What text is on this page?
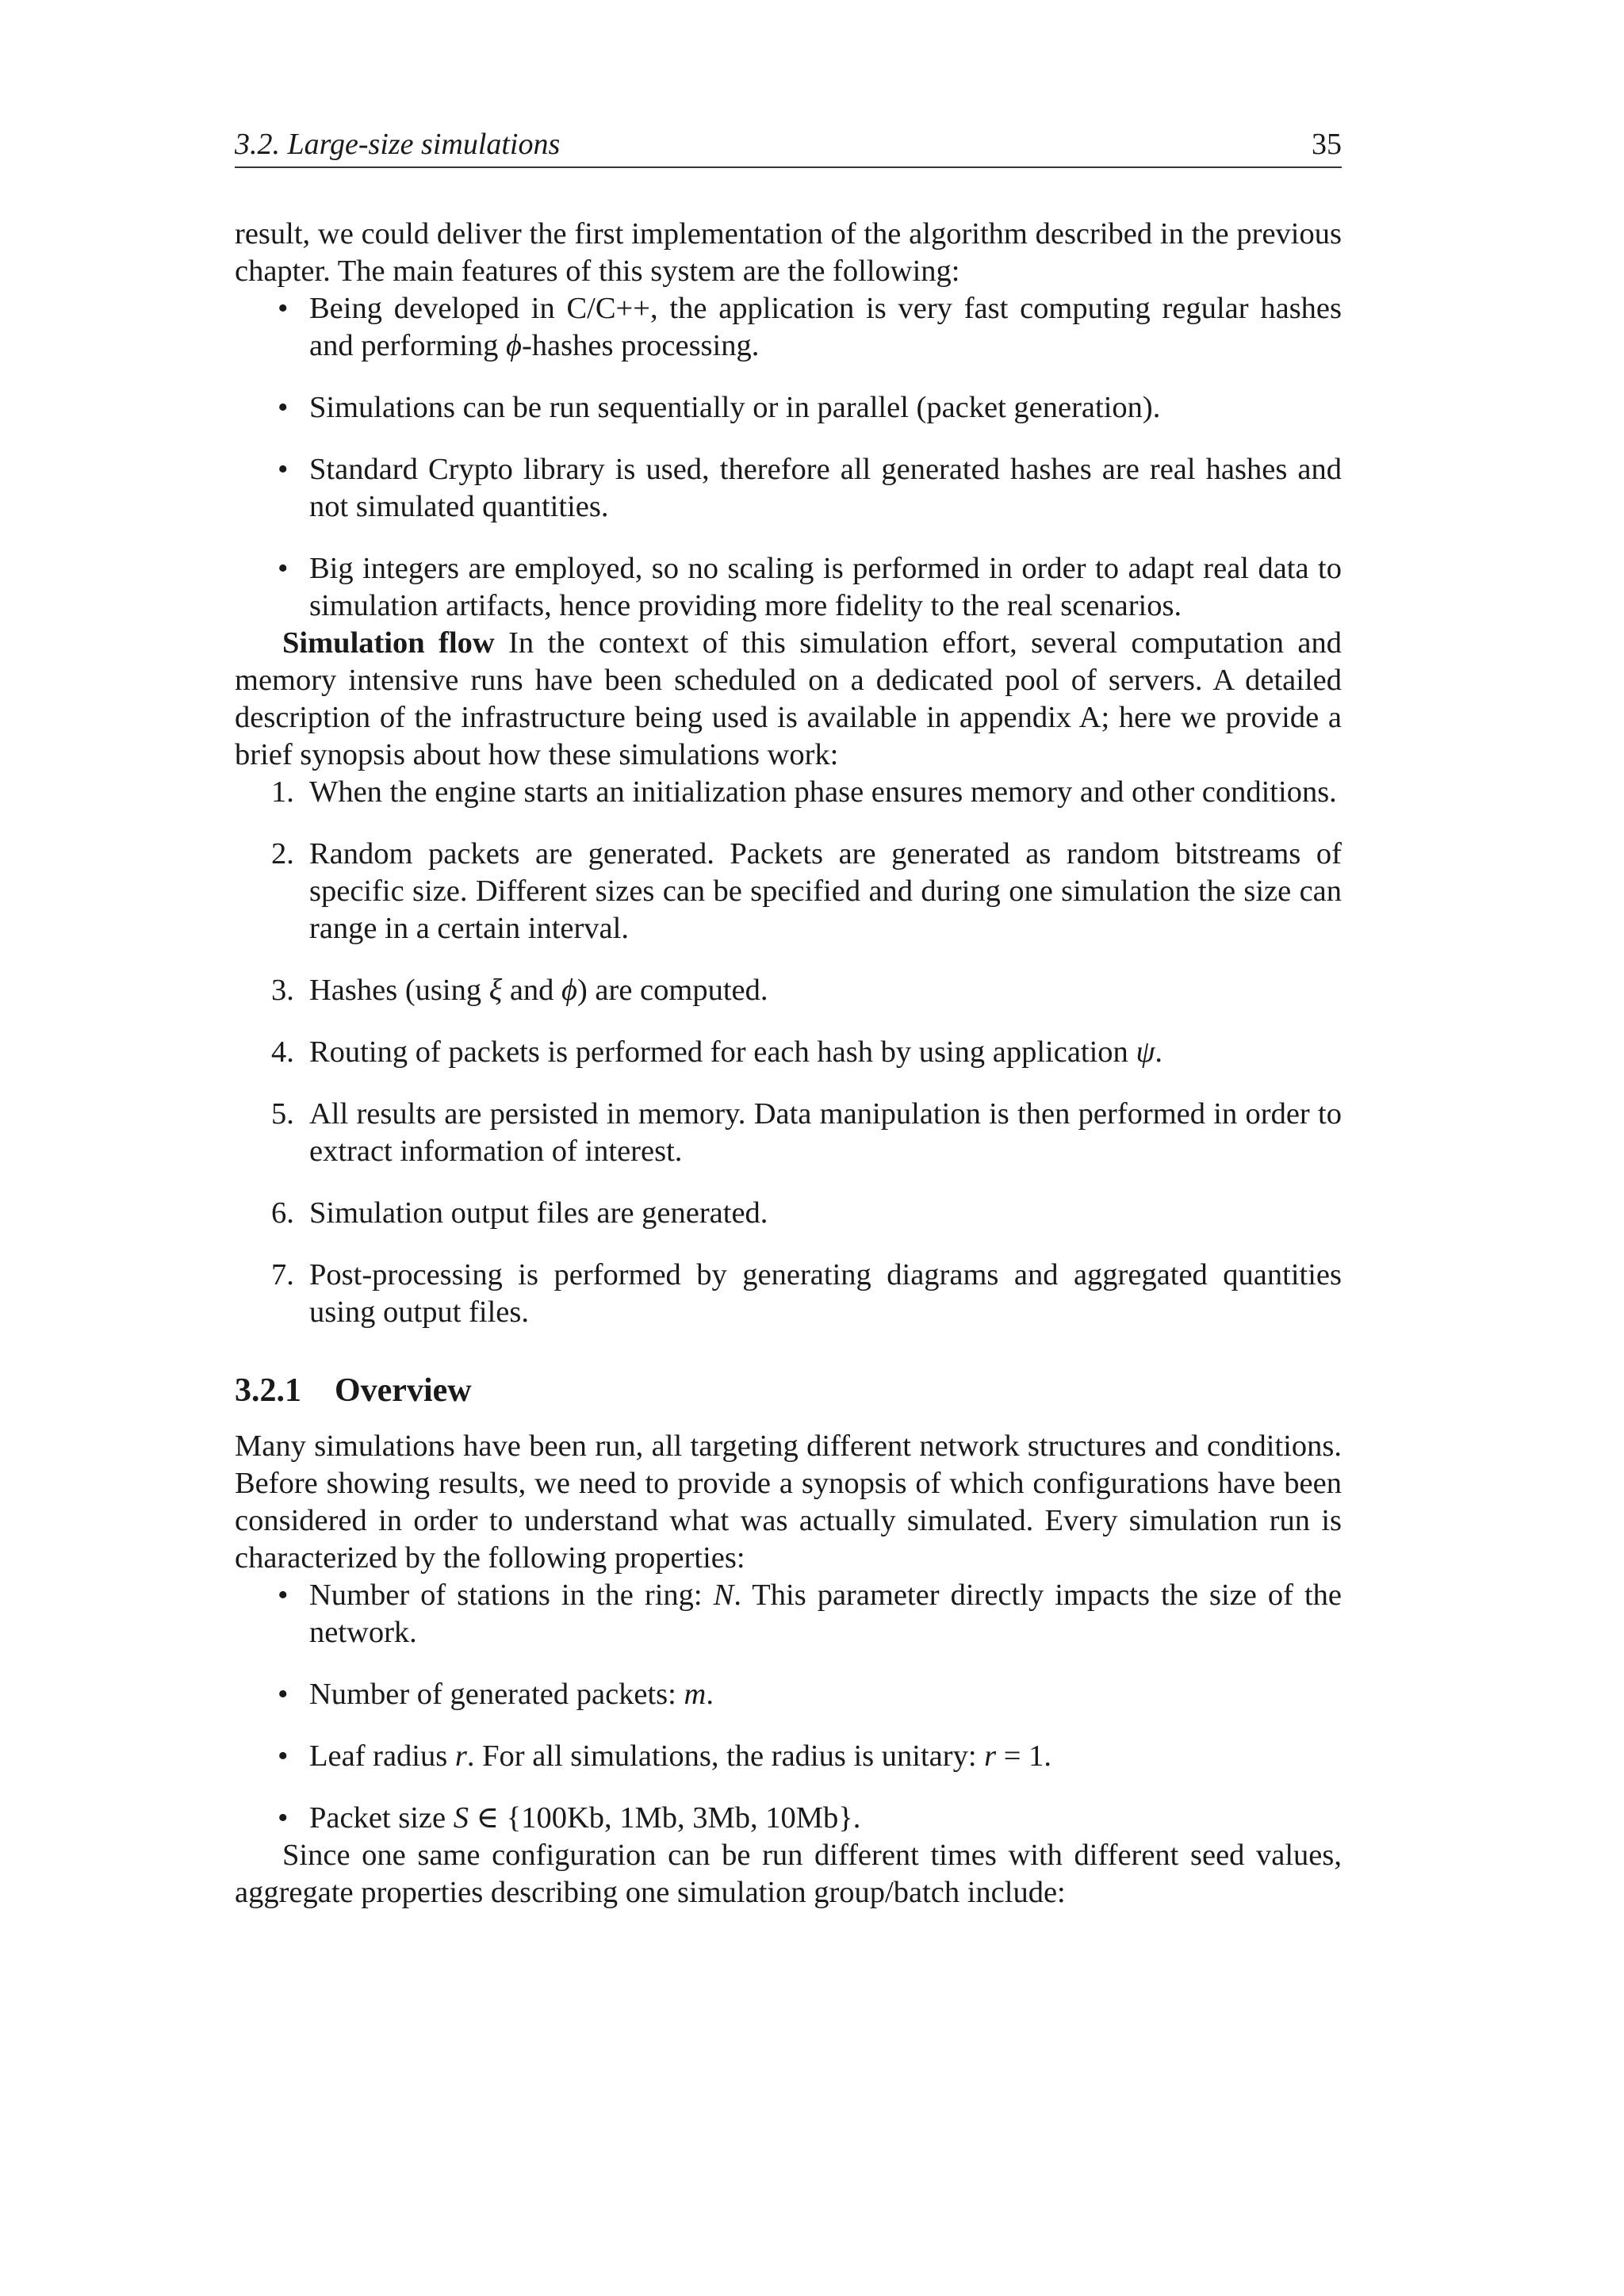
3.2. Large-size simulations	35

result, we could deliver the first implementation of the algorithm described in the previous chapter. The main features of this system are the following:

• Being developed in C/C++, the application is very fast computing regular hashes and performing ϕ-hashes processing.
• Simulations can be run sequentially or in parallel (packet generation).
• Standard Crypto library is used, therefore all generated hashes are real hashes and not simulated quantities.
• Big integers are employed, so no scaling is performed in order to adapt real data to simulation artifacts, hence providing more fidelity to the real scenarios.

Simulation flow In the context of this simulation effort, several computation and memory intensive runs have been scheduled on a dedicated pool of servers. A detailed description of the infrastructure being used is available in appendix A; here we provide a brief synopsis about how these simulations work:

1. When the engine starts an initialization phase ensures memory and other conditions.
2. Random packets are generated. Packets are generated as random bitstreams of specific size. Different sizes can be specified and during one simulation the size can range in a certain interval.
3. Hashes (using ξ and ϕ) are computed.
4. Routing of packets is performed for each hash by using application ψ.
5. All results are persisted in memory. Data manipulation is then performed in order to extract information of interest.
6. Simulation output files are generated.
7. Post-processing is performed by generating diagrams and aggregated quantities using output files.
3.2.1	Overview

Many simulations have been run, all targeting different network structures and conditions. Before showing results, we need to provide a synopsis of which configurations have been considered in order to understand what was actually simulated. Every simulation run is characterized by the following properties:

• Number of stations in the ring: N. This parameter directly impacts the size of the network.
• Number of generated packets: m.
• Leaf radius r. For all simulations, the radius is unitary: r = 1.
• Packet size S ∈ {100Kb, 1Mb, 3Mb, 10Mb}.

Since one same configuration can be run different times with different seed values, aggregate properties describing one simulation group/batch include:
